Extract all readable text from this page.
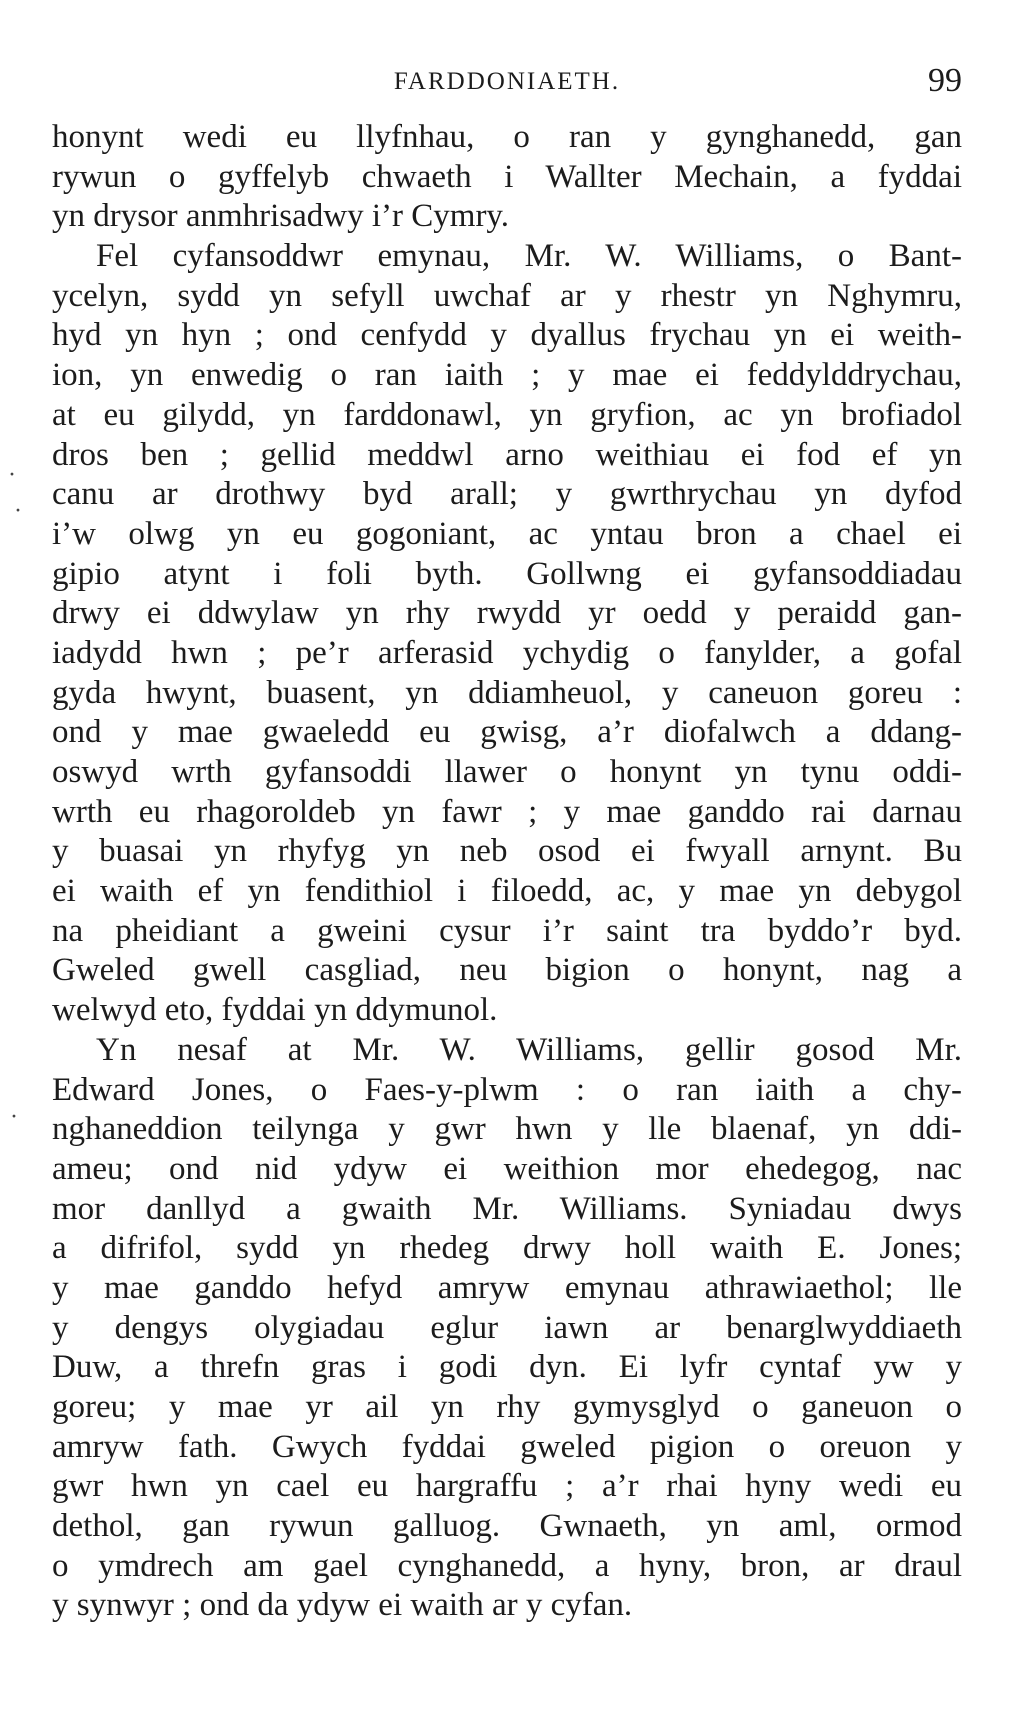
FARDDONIAETH.	99
·
·
·
honynt wedi eu llyfnhau, o ran y gynghanedd, gan
rywun o gyffelyb chwaeth i Wallter Mechain, a fyddai
yn drysor anmhrisadwy i’r Cymry.
Fel cyfansoddwr emynau, Mr. W. Williams, o Bant-
ycelyn, sydd yn sefyll uwchaf ar y rhestr yn Nghymru,
hyd yn hyn ; ond cenfydd y dyallus frychau yn ei weith-
ion, yn enwedig o ran iaith ; y mae ei feddylddrychau,
at eu gilydd, yn farddonawl, yn gryfion, ac yn brofiadol
dros ben ; gellid meddwl arno weithiau ei fod ef yn
canu ar drothwy byd arall; y gwrthrychau yn dyfod
i’w olwg yn eu gogoniant, ac yntau bron a chael ei
gipio atynt i foli byth. Gollwng ei gyfansoddiadau
drwy ei ddwylaw yn rhy rwydd yr oedd y peraidd gan-
iadydd hwn ; pe’r arferasid ychydig o fanylder, a gofal
gyda hwynt, buasent, yn ddiamheuol, y caneuon goreu :
ond y mae gwaeledd eu gwisg, a’r diofalwch a ddang-
oswyd wrth gyfansoddi llawer o honynt yn tynu oddi-
wrth eu rhagoroldeb yn fawr ; y mae ganddo rai darnau
y buasai yn rhyfyg yn neb osod ei fwyall arnynt. Bu
ei waith ef yn fendithiol i filoedd, ac, y mae yn debygol
na pheidiant a gweini cysur i’r saint tra byddo’r byd.
Gweled gwell casgliad, neu bigion o honynt, nag a
welwyd eto, fyddai yn ddymunol.
Yn nesaf at Mr. W. Williams, gellir gosod Mr.
Edward Jones, o Faes-y-plwm : o ran iaith a chy-
nghaneddion teilynga y gwr hwn y lle blaenaf, yn ddi-
ameu; ond nid ydyw ei weithion mor ehedegog, nac
mor danllyd a gwaith Mr. Williams. Syniadau dwys
a difrifol, sydd yn rhedeg drwy holl waith E. Jones;
y mae ganddo hefyd amryw emynau athrawiaethol; lle
y dengys olygiadau eglur iawn ar benarglwyddiaeth
Duw, a threfn gras i godi dyn. Ei lyfr cyntaf yw y
goreu; y mae yr ail yn rhy gymysglyd o ganeuon o
amryw fath. Gwych fyddai gweled pigion o oreuon y
gwr hwn yn cael eu hargraffu ; a’r rhai hyny wedi eu
dethol, gan rywun galluog. Gwnaeth, yn aml, ormod
o ymdrech am gael cynghanedd, a hyny, bron, ar draul
y synwyr ; ond da ydyw ei waith ar y cyfan.
